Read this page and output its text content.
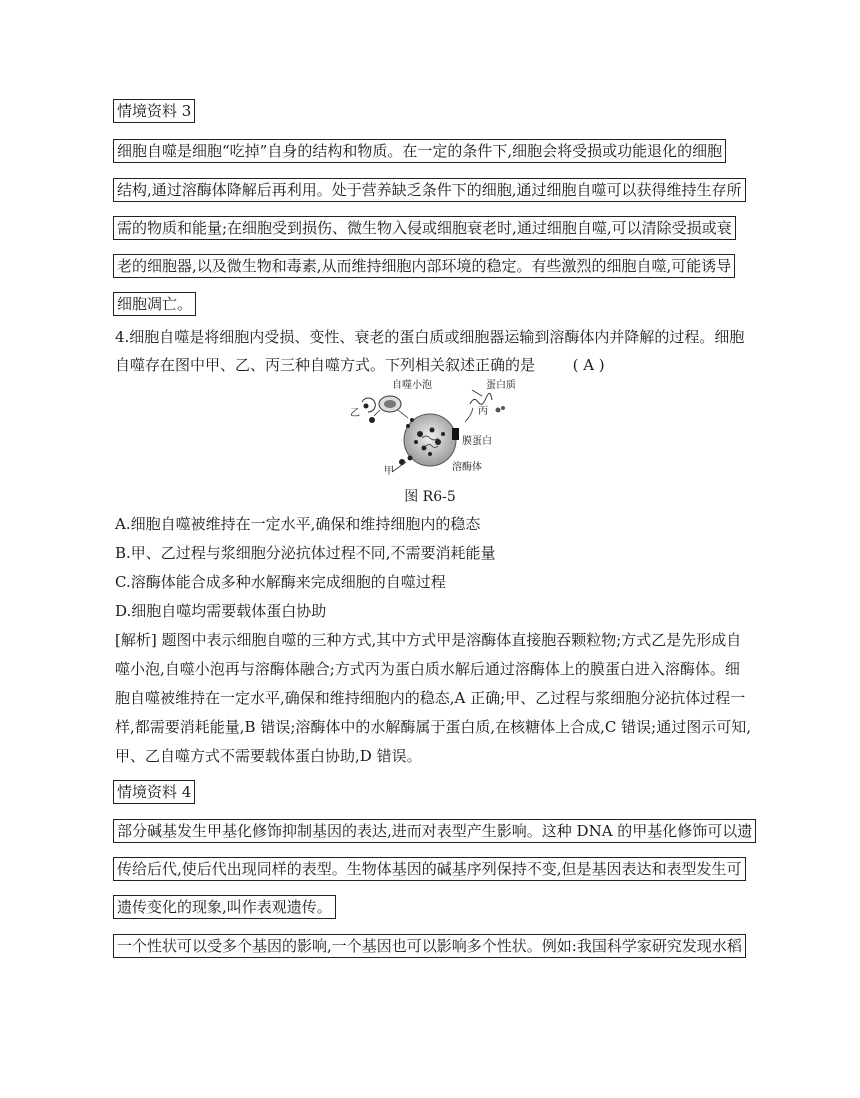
情境资料 3
细胞自噬是细胞“吃掉”自身的结构和物质。在一定的条件下,细胞会将受损或功能退化的细胞
结构,通过溶酶体降解后再利用。处于营养缺乏条件下的细胞,通过细胞自噬可以获得维持生存所
需的物质和能量;在细胞受到损伤、微生物入侵或细胞衰老时,通过细胞自噬,可以清除受损或衰
老的细胞器,以及微生物和毒素,从而维持细胞内部环境的稳定。有些激烈的细胞自噬,可能诱导
细胞凋亡。
4.细胞自噬是将细胞内受损、变性、衰老的蛋白质或细胞器运输到溶酶体内并降解的过程。细胞
自噬存在图中甲、乙、丙三种自噬方式。下列相关叙述正确的是	( A )
自噬小泡	蛋白质
丙
乙
膜蛋白
甲	溶酶体
图 R6-5
A.细胞自噬被维持在一定水平,确保和维持细胞内的稳态
B.甲、乙过程与浆细胞分泌抗体过程不同,不需要消耗能量
C.溶酶体能合成多种水解酶来完成细胞的自噬过程
D.细胞自噬均需要载体蛋白协助
[解析] 题图中表示细胞自噬的三种方式,其中方式甲是溶酶体直接胞吞颗粒物;方式乙是先形成自
噬小泡,自噬小泡再与溶酶体融合;方式丙为蛋白质水解后通过溶酶体上的膜蛋白进入溶酶体。细
胞自噬被维持在一定水平,确保和维持细胞内的稳态,A 正确;甲、乙过程与浆细胞分泌抗体过程一
样,都需要消耗能量,B 错误;溶酶体中的水解酶属于蛋白质,在核糖体上合成,C 错误;通过图示可知,
甲、乙自噬方式不需要载体蛋白协助,D 错误。
情境资料 4
部分碱基发生甲基化修饰抑制基因的表达,进而对表型产生影响。这种 DNA 的甲基化修饰可以遗
传给后代,使后代出现同样的表型。生物体基因的碱基序列保持不变,但是基因表达和表型发生可
遗传变化的现象,叫作表观遗传。
一个性状可以受多个基因的影响,一个基因也可以影响多个性状。例如:我国科学家研究发现水稻
